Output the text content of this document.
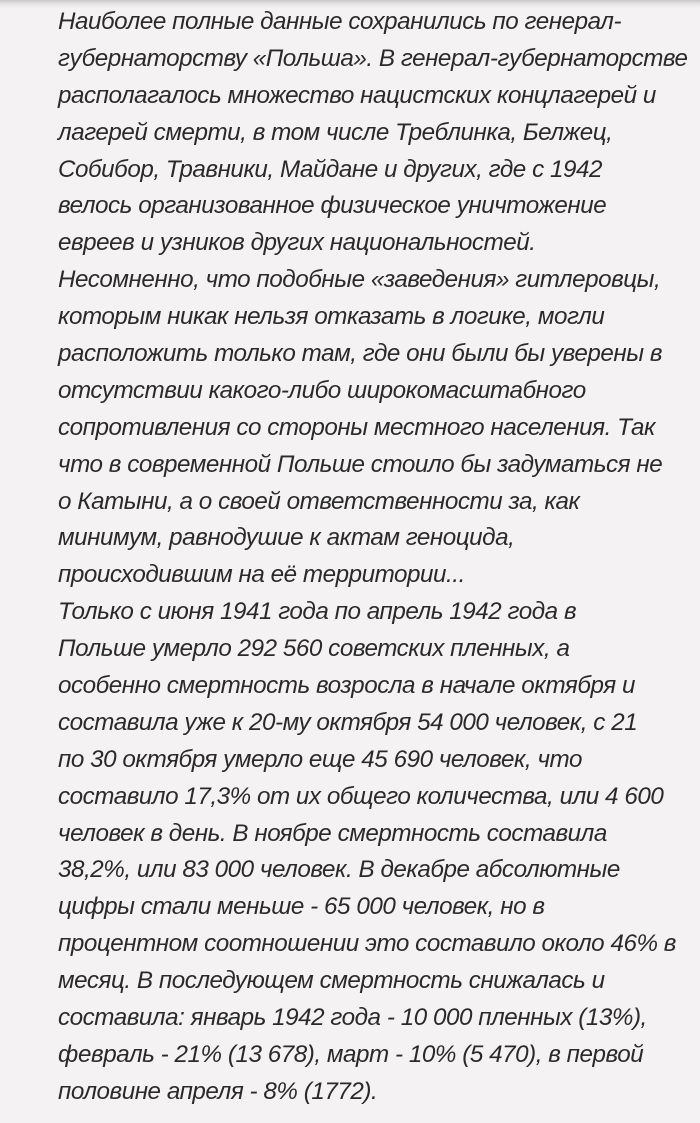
Наиболее полные данные сохранились по генерал-
губернаторству «Польша». В генерал-губернаторстве
располагалось множество нацистских концлагерей и
лагерей смерти, в том числе Треблинка, Белжец,
Собибор, Травники, Майдане и других, где с 1942
велось организованное физическое уничтожение
евреев и узников других национальностей.
Несомненно, что подобные «заведения» гитлеровцы,
которым никак нельзя отказать в логике, могли
расположить только там, где они были бы уверены в
отсутствии какого-либо широкомасштабного
сопротивления со стороны местного населения. Так
что в современной Польше стоило бы задуматься не
о Катыни, а о своей ответственности за, как
минимум, равнодушие к актам геноцида,
происходившим на её территории...
Только с июня 1941 года по апрель 1942 года в
Польше умерло 292 560 советских пленных, а
особенно смертность возросла в начале октября и
составила уже к 20-му октября 54 000 человек, с 21
по 30 октября умерло еще 45 690 человек, что
составило 17,3% от их общего количества, или 4 600
человек в день. В ноябре смертность составила
38,2%, или 83 000 человек. В декабре абсолютные
цифры стали меньше - 65 000 человек, но в
процентном соотношении это составило около 46% в
месяц. В последующем смертность снижалась и
составила: январь 1942 года - 10 000 пленных (13%),
февраль - 21% (13 678), март - 10% (5 470), в первой
половине апреля - 8% (1772).
